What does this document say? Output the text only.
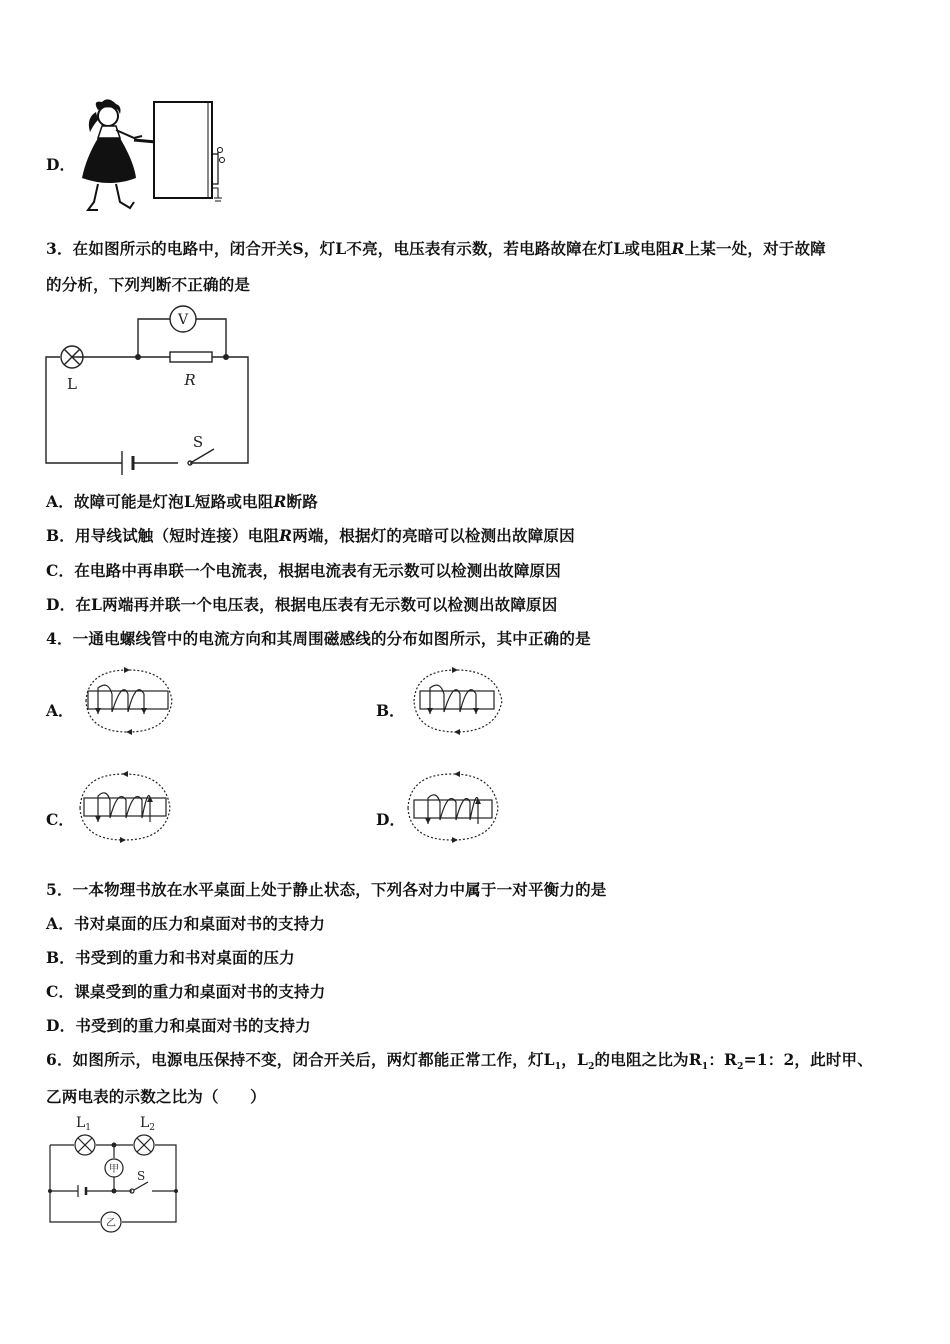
D．
3．在如图所示的电路中，闭合开关S，灯L不亮，电压表有示数，若电路故障在灯L或电阻R上某一处，对于故障
的分析，下列判断不正确的是
V
L	R
S
A．故障可能是灯泡L短路或电阻R断路
B．用导线试触（短时连接）电阻R两端，根据灯的亮暗可以检测出故障原因
C．在电路中再串联一个电流表，根据电流表有无示数可以检测出故障原因
D．在L两端再并联一个电压表，根据电压表有无示数可以检测出故障原因
4．一通电螺线管中的电流方向和其周围磁感线的分布如图所示，其中正确的是
A．	B．
C．	D．
5．一本物理书放在水平桌面上处于静止状态，下列各对力中属于一对平衡力的是
A．书对桌面的压力和桌面对书的支持力
B．书受到的重力和书对桌面的压力
C．课桌受到的重力和桌面对书的支持力
D．书受到的重力和桌面对书的支持力
6．如图所示，电源电压保持不变，闭合开关后，两灯都能正常工作，灯$L_1$，$L_2$的电阻之比为$R_1$：$R_2=1$：2，此时甲、
乙两电表的示数之比为（　　）
$L_1$	$L_2$
甲
乙
S
